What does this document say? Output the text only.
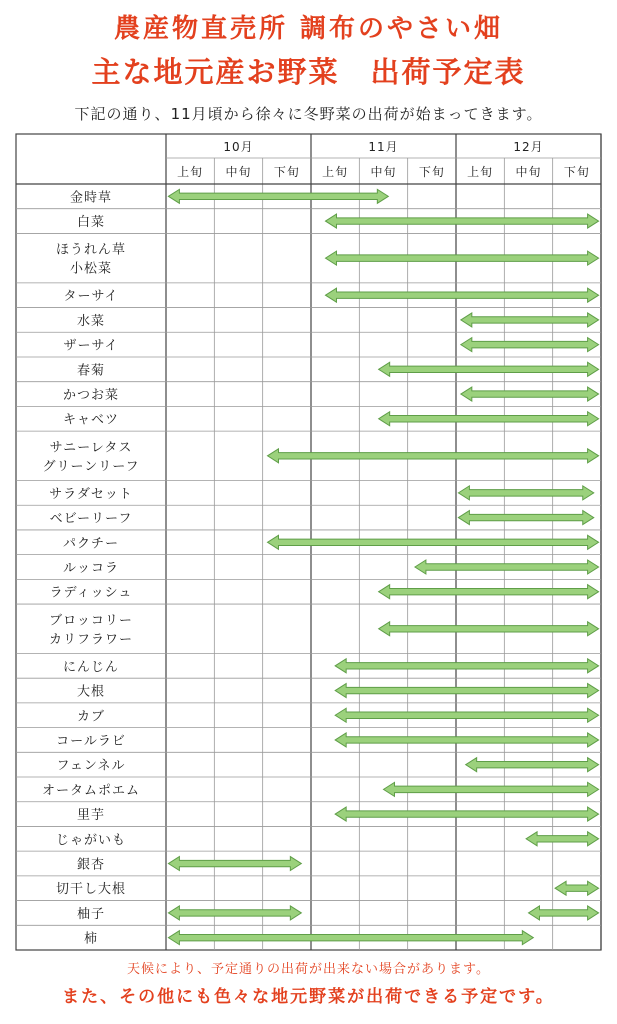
農産物直売所 調布のやさい畑
主な地元産お野菜　出荷予定表
下記の通り、
11月頃から徐々に冬野菜の出荷が始まってきます。
10月	11月	12月
上旬 中旬 下旬 上旬 中旬 下旬 上旬 中旬 下旬
金時草
白菜
ほうれん草
小松菜
ターサイ
水菜
ザーサイ
春菊
かつお菜
キャベツ
サニーレタス
グリーンリーフ
サラダセット
ベビーリーフ
パクチー
ルッコラ
ラディッシュ
ブロッコリー
カリフラワー
にんじん
大根
カブ
コールラビ
フェンネル
オータムポエム
里芋
じゃがいも
銀杏
切干し大根
柚子
柿
天候により、予定通りの出荷が出来ない場合があります。
また、
その他にも色々な地元野菜が出荷できる予定です。
